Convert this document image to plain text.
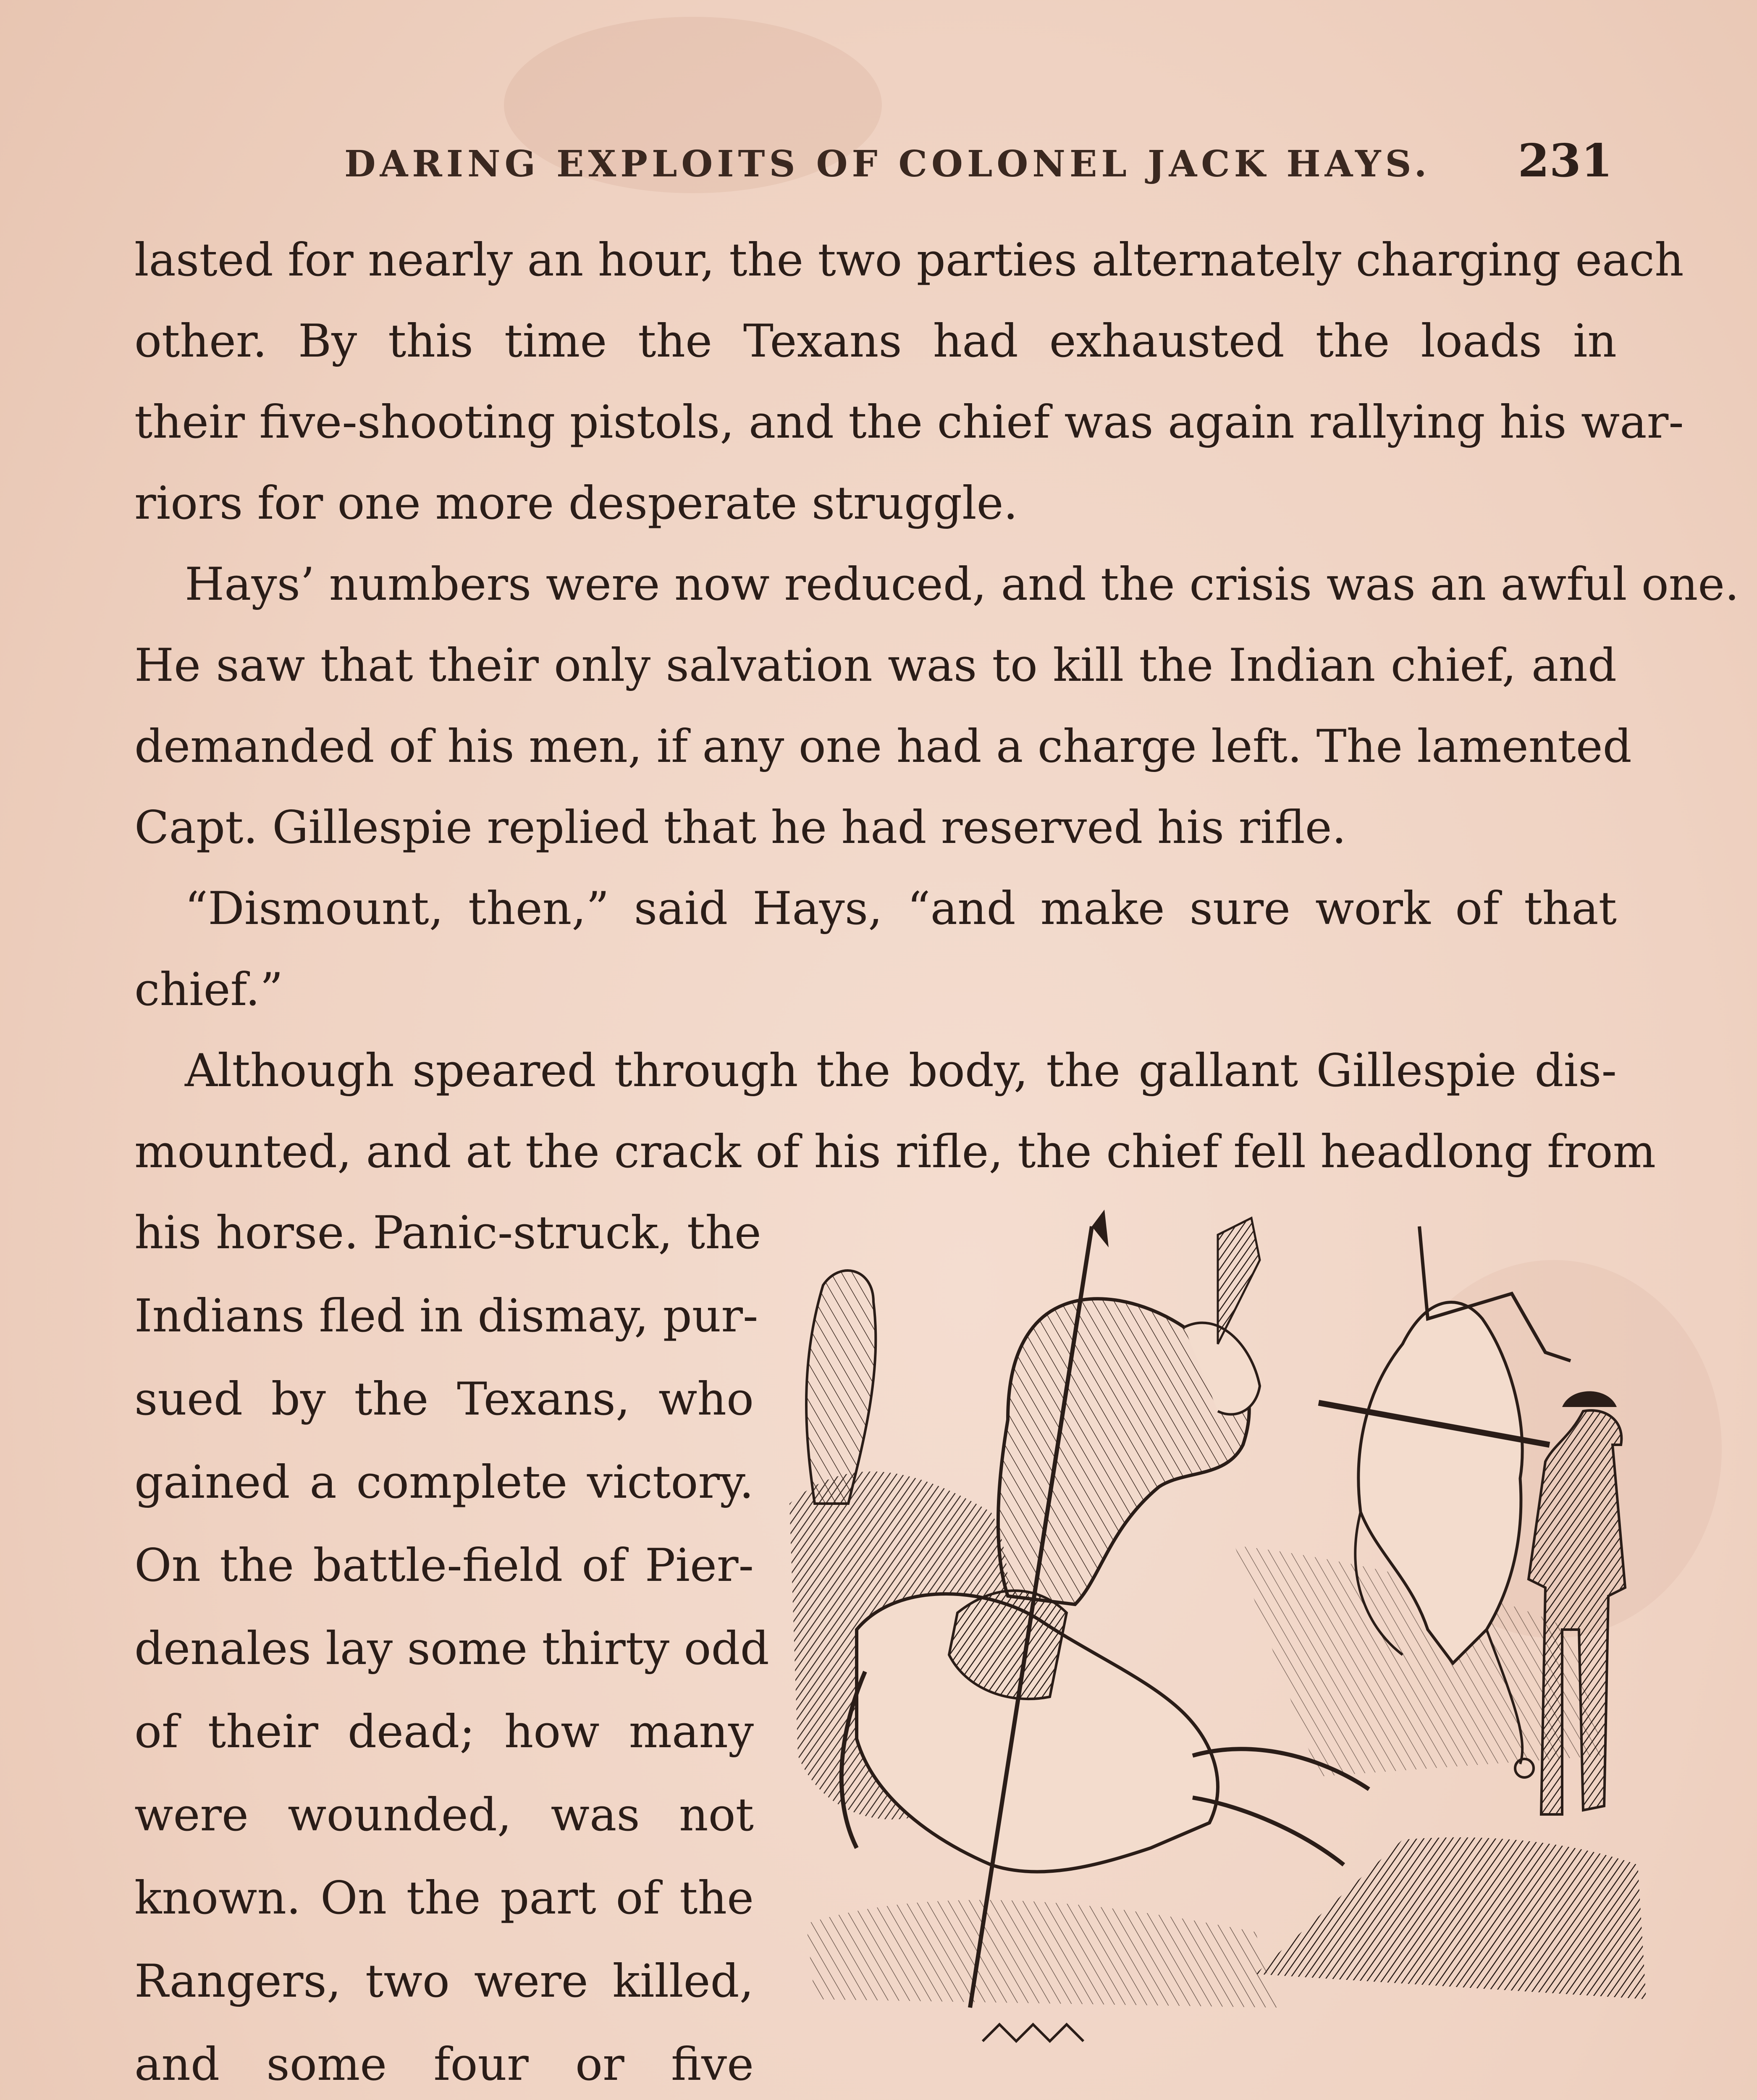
DARING EXPLOITS OF COLONEL JACK HAYS. 231
lasted for nearly an hour, the two parties alternately charging each
other. By this time the Texans had exhausted the loads in
their five-shooting pistols, and the chief was again rallying his war-
riors for one more desperate struggle.
Hays’ numbers were now reduced, and the crisis was an awful one.
He saw that their only salvation was to kill the Indian chief, and
demanded of his men, if any one had a charge left. The lamented
Capt. Gillespie replied that he had reserved his rifle.
“Dismount, then,” said Hays, “and make sure work of that
chief.”
Although speared through the body, the gallant Gillespie dis-
mounted, and at the crack of his rifle, the chief fell headlong from
his horse. Panic-struck, the
Indians fled in dismay, pur-
sued by the Texans, who
gained a complete victory.
On the battle-field of Pier-
denales lay some thirty odd
of their dead; how many
were wounded, was not
known. On the part of the
Rangers, two were killed,
and some four or five
